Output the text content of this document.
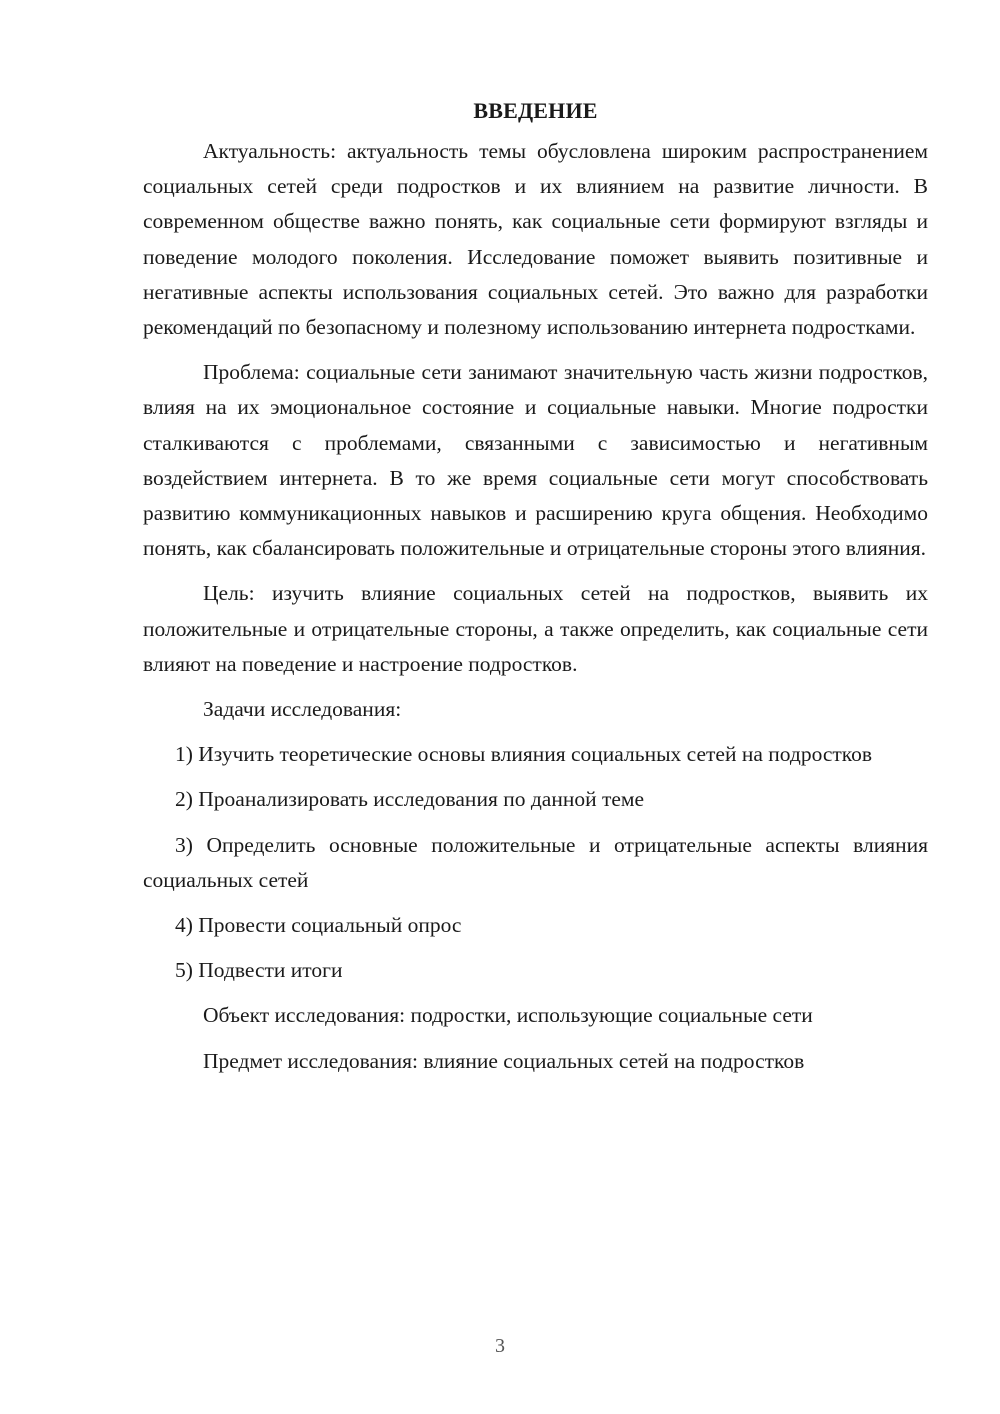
ВВЕДЕНИЕ

Актуальность: актуальность темы обусловлена широким распространением социальных сетей среди подростков и их влиянием на развитие личности. В современном обществе важно понять, как социальные сети формируют взгляды и поведение молодого поколения. Исследование поможет выявить позитивные и негативные аспекты использования социальных сетей. Это важно для разработки рекомендаций по безопасному и полезному использованию интернета подростками.

Проблема: социальные сети занимают значительную часть жизни подростков, влияя на их эмоциональное состояние и социальные навыки. Многие подростки сталкиваются с проблемами, связанными с зависимостью и негативным воздействием интернета. В то же время социальные сети могут способствовать развитию коммуникационных навыков и расширению круга общения. Необходимо понять, как сбалансировать положительные и отрицательные стороны этого влияния.

Цель: изучить влияние социальных сетей на подростков, выявить их положительные и отрицательные стороны, а также определить, как социальные сети влияют на поведение и настроение подростков.

Задачи исследования:

1) Изучить теоретические основы влияния социальных сетей на подростков

2) Проанализировать исследования по данной теме

3) Определить основные положительные и отрицательные аспекты влияния социальных сетей

4) Провести социальный опрос

5) Подвести итоги

Объект исследования: подростки, использующие социальные сети

Предмет исследования: влияние социальных сетей на подростков

3
